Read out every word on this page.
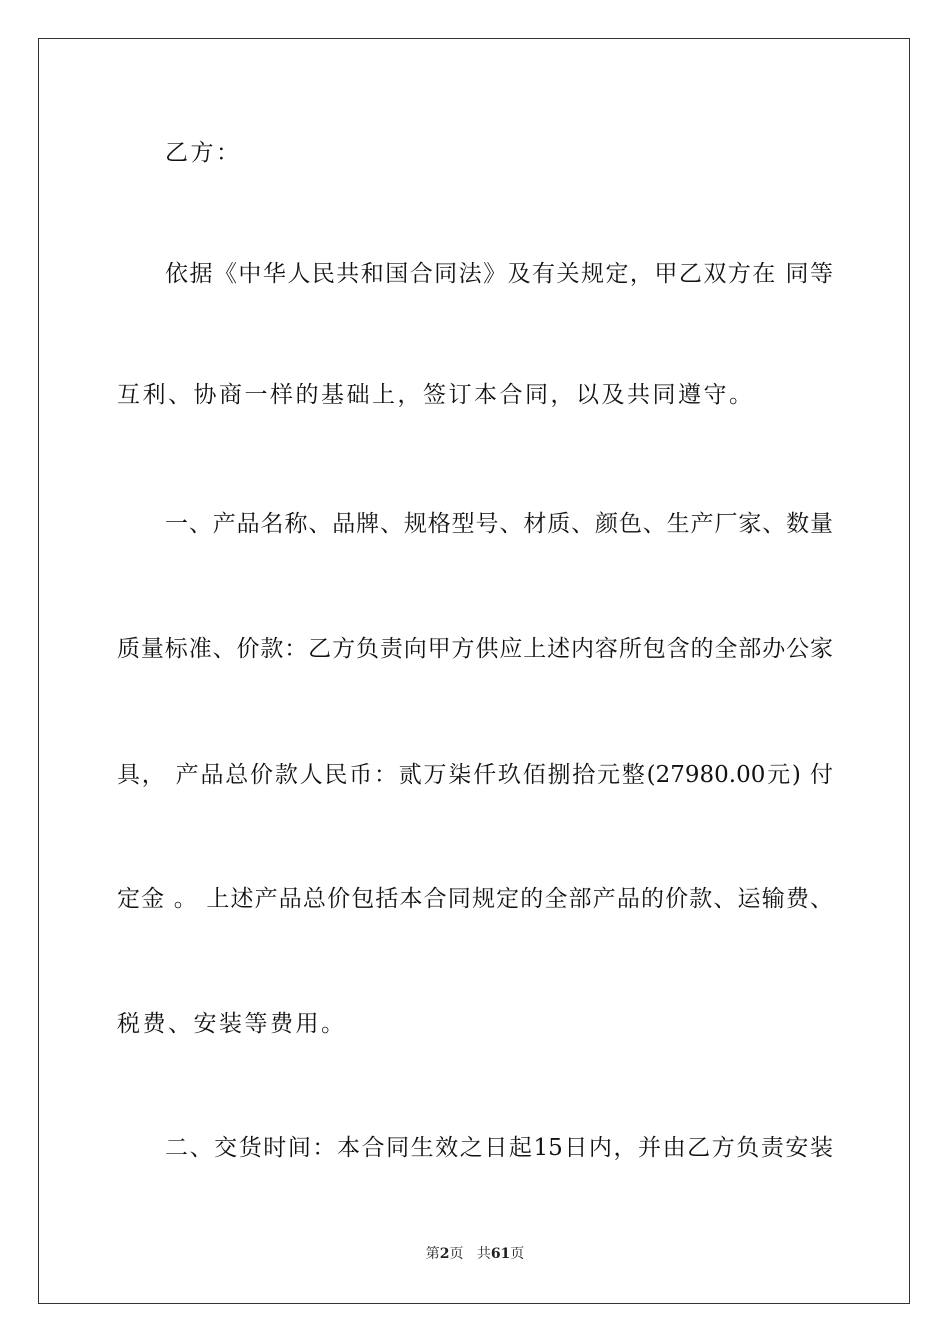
乙方：
依据《中华人民共和国合同法》及有关规定，甲乙双方在 同等
互利、协商一样的基础上，签订本合同，以及共同遵守。
一、产品名称、品牌、规格型号、材质、颜色、生产厂家、数量
质量标准、价款：乙方负责向甲方供应上述内容所包含的全部办公家
具， 产品总价款人民币：贰万柒仟玖佰捌拾元整(27980.00元) 付
定金 。 上述产品总价包括本合同规定的全部产品的价款、运输费、
税费、安装等费用。
二、交货时间：本合同生效之日起15日内，并由乙方负责安装
第2页 共61页
